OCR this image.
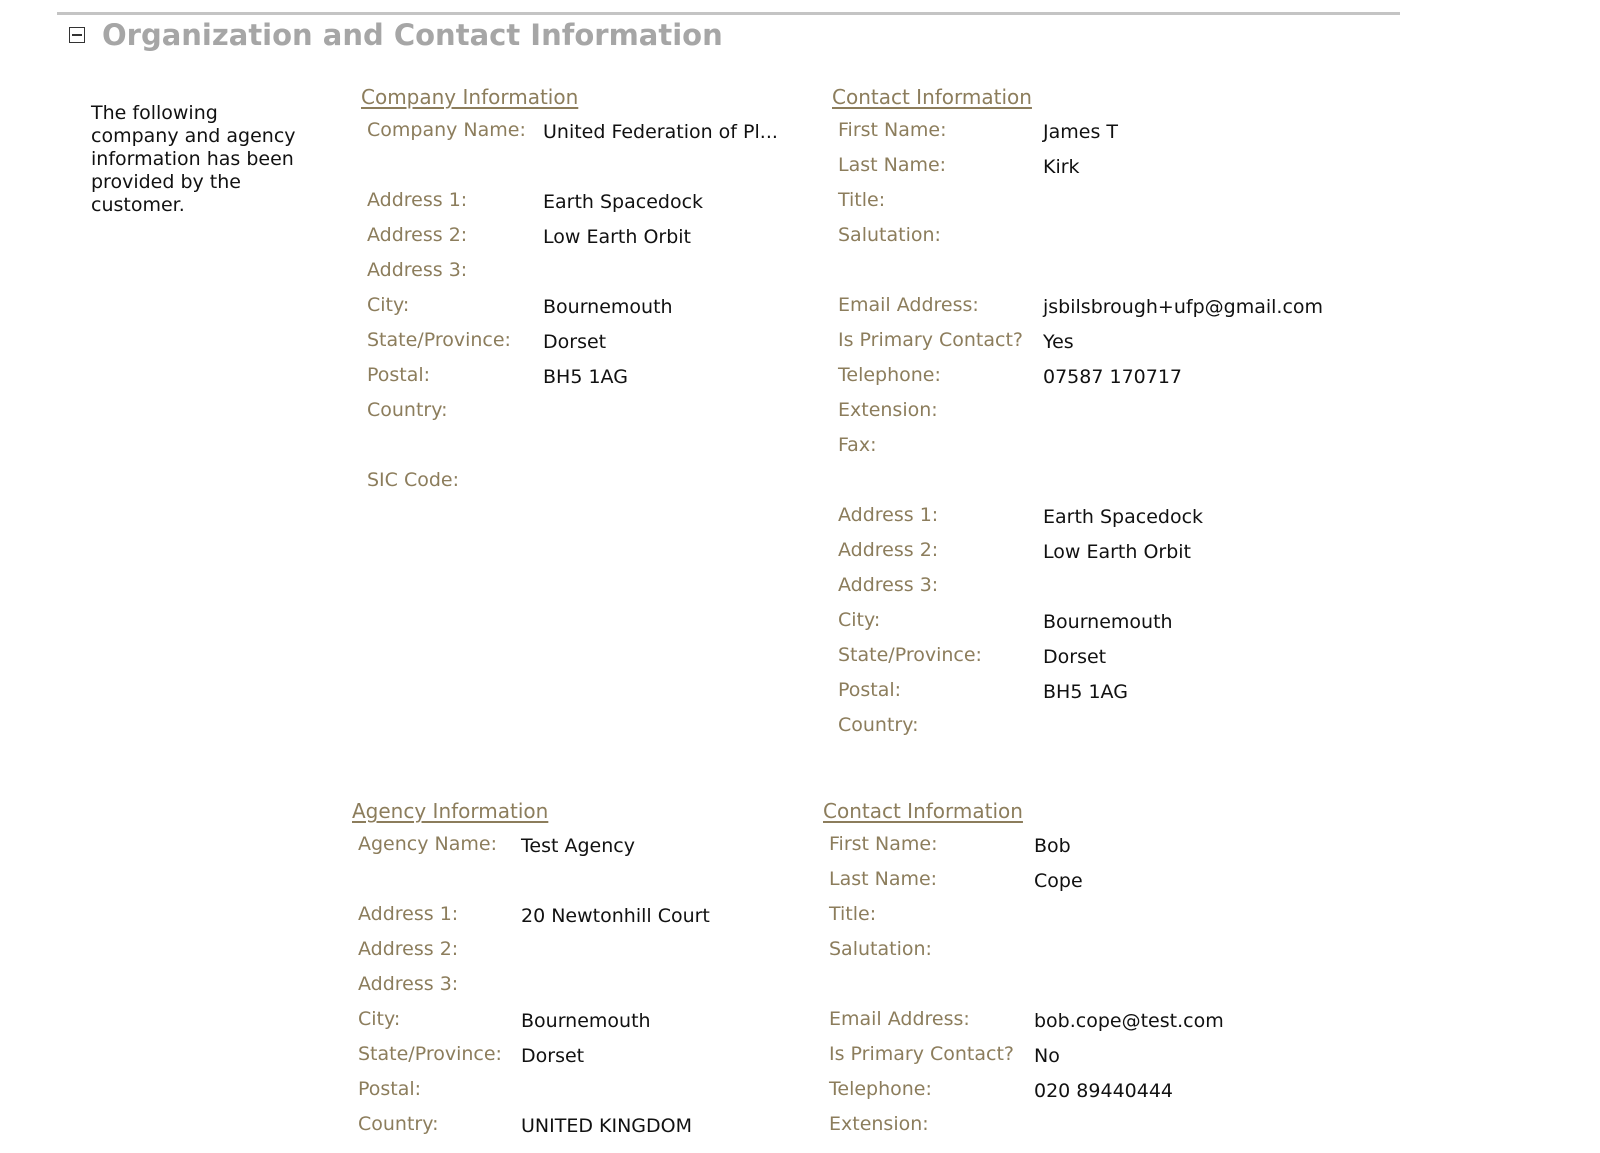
Organization and Contact Information
The following company and agency information has been provided by the customer.
Company Information
Company Name: United Federation of Pl...
Address 1:	Earth Spacedock
Address 2:	Low Earth Orbit
Address 3:
City:	Bournemouth
State/Province: Dorset
Postal:	BH5 1AG
Country:
SIC Code:
Contact Information
First Name:	James T
Last Name:	Kirk
Title:
Salutation:
Email Address:	jsbilsbrough+ufp@gmail.com
Is Primary Contact? Yes
Telephone:	07587 170717
Extension:
Fax:
Address 1:	Earth Spacedock
Address 2:	Low Earth Orbit
Address 3:
City:	Bournemouth
State/Province:	Dorset
Postal:	BH5 1AG
Country:
Agency Information
Agency Name: Test Agency
Address 1:	20 Newtonhill Court
Address 2:
Address 3:
City:	Bournemouth
State/Province: Dorset
Postal:
Country:	UNITED KINGDOM
Contact Information
First Name:	Bob
Last Name:	Cope
Title:
Salutation:
Email Address:	bob.cope@test.com
Is Primary Contact? No
Telephone:	020 89440444
Extension:
